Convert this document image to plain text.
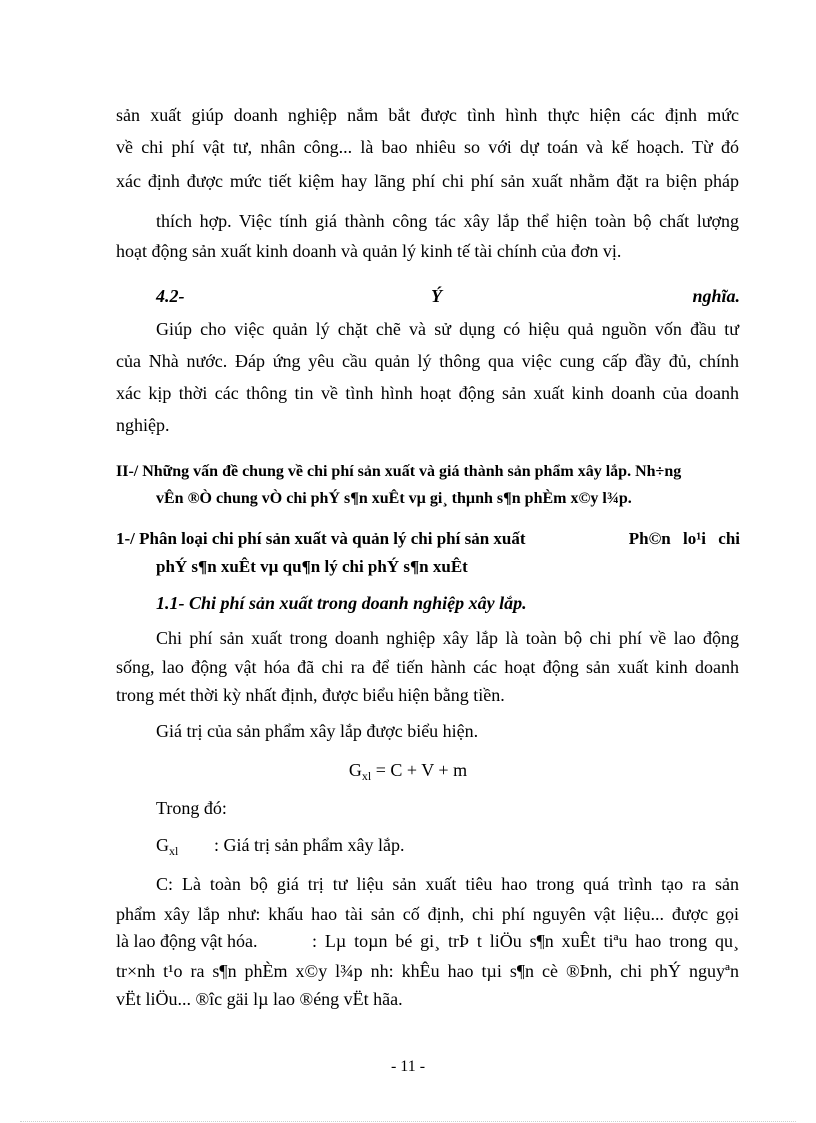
sản xuất giúp doanh nghiệp nắm bắt được tình hình thực hiện các định mức
về chi phí vật tư, nhân công... là bao nhiêu so với dự toán và kế hoạch. Từ đó
xác định được mức tiết kiệm hay lãng phí chi phí sản xuất nhằm đặt ra biện pháp
thích hợp. Việc tính giá thành công tác xây lắp thể hiện toàn bộ chất lượng
hoạt động sản xuất kinh doanh và quản lý kinh tế tài chính của đơn vị.
4.2-	Ý	nghĩa.
Giúp cho việc quản lý chặt chẽ và sử dụng có hiệu quả nguồn vốn đầu tư
của Nhà nước. Đáp ứng yêu cầu quản lý thông qua việc cung cấp đầy đủ, chính
xác kịp thời các thông tin về tình hình hoạt động sản xuất kinh doanh của doanh
nghiệp.
II-/ Những vấn đề chung về chi phí sản xuất và giá thành sản phẩm xây lắp. Nh÷ng
vÊn ®Ò chung vÒ chi phÝ s¶n xuÊt vµ gi¸ thµnh s¶n phÈm x©y l¾p.
1-/ Phân loại chi phí sản xuất và quản lý chi phí sản xuất	Ph©n lo¹i chi
phÝ s¶n xuÊt vµ qu¶n lý chi phÝ s¶n xuÊt
1.1- Chi phí sản xuất trong doanh nghiệp xây lắp.
Chi phí sản xuất trong doanh nghiệp xây lắp là toàn bộ chi phí về lao động
sống, lao động vật hóa đã chi ra để tiến hành các hoạt động sản xuất kinh doanh
trong mét thời kỳ nhất định, được biểu hiện bằng tiền.
Giá trị của sản phẩm xây lắp được biểu hiện.
$G_{xl} = C + V + m$
Trong đó:
$G_{xl}$ : Giá trị sản phẩm xây lắp.
C: Là toàn bộ giá trị tư liệu sản xuất tiêu hao trong quá trình tạo ra sản
phẩm xây lắp như: khấu hao tài sản cố định, chi phí nguyên vật liệu... được gọi
là lao động vật hóa.	: Lµ toµn bé gi¸ trÞ t liÖu s¶n xuÊt tiªu hao trong qu¸
tr×nh t¹o ra s¶n phÈm x©y l¾p nh: khÊu hao tµi s¶n cè ®Þnh, chi phÝ nguyªn
vËt liÖu... ®îc gäi lµ lao ®éng vËt hãa.
- 11 -
